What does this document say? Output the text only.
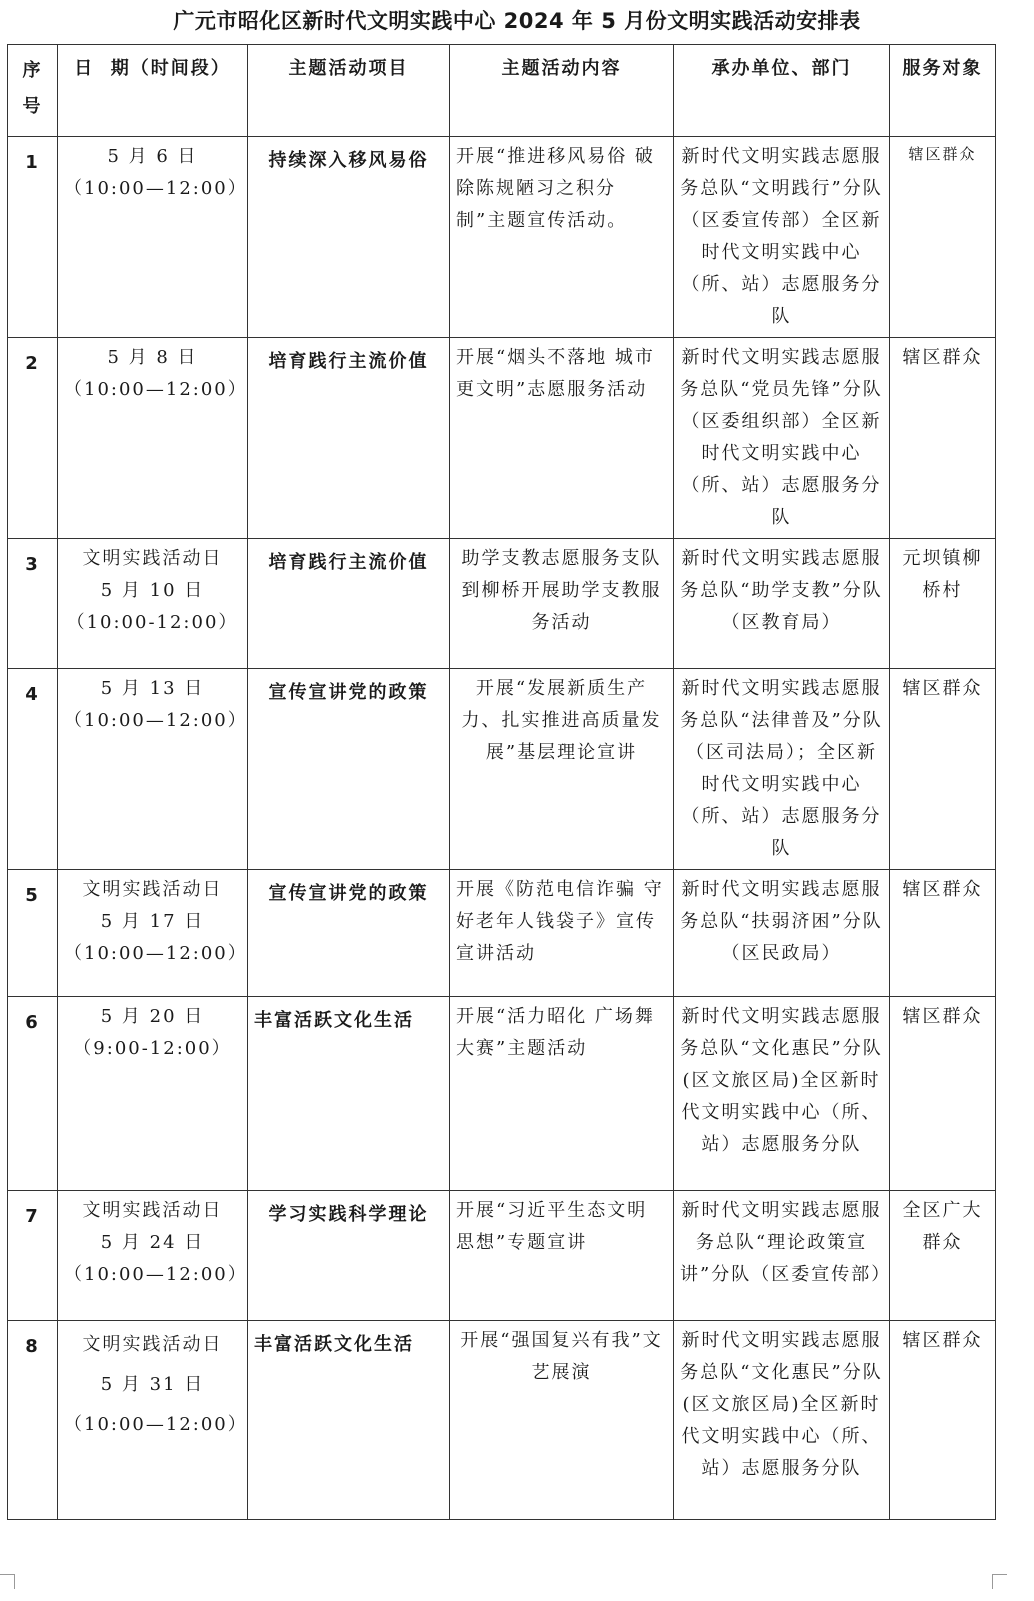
广元市昭化区新时代文明实践中心 2024 年 5 月份文明实践活动安排表
序号	日  期（时间段）	主题活动项目	主题活动内容	承办单位、部门	服务对象
1	5 月 6 日
（10:00—12:00）	持续深入移风易俗	开展“推进移风易俗 破除陈规陋习之积分制”主题宣传活动。	新时代文明实践志愿服务总队“文明践行”分队（区委宣传部）全区新时代文明实践中心（所、站）志愿服务分队	辖区群众
2	5 月 8 日
（10:00—12:00）	培育践行主流价值	开展“烟头不落地 城市更文明”志愿服务活动	新时代文明实践志愿服务总队“党员先锋”分队（区委组织部）全区新时代文明实践中心（所、站）志愿服务分队	辖区群众
3	文明实践活动日
5 月 10 日
（10:00-12:00）	培育践行主流价值	助学支教志愿服务支队到柳桥开展助学支教服务活动	新时代文明实践志愿服务总队“助学支教”分队（区教育局）	元坝镇柳桥村
4	5 月 13 日
（10:00—12:00）	宣传宣讲党的政策	开展“发展新质生产力、扎实推进高质量发展”基层理论宣讲	新时代文明实践志愿服务总队“法律普及”分队（区司法局）；全区新时代文明实践中心（所、站）志愿服务分队	辖区群众
5	文明实践活动日
5 月 17 日
（10:00—12:00）	宣传宣讲党的政策	开展《防范电信诈骗 守好老年人钱袋子》宣传宣讲活动	新时代文明实践志愿服务总队“扶弱济困”分队（区民政局）	辖区群众
6	5 月 20 日
（9:00-12:00）	丰富活跃文化生活	开展“活力昭化 广场舞大赛”主题活动	新时代文明实践志愿服务总队“文化惠民”分队(区文旅区局)全区新时代文明实践中心（所、站）志愿服务分队	辖区群众
7	文明实践活动日
5 月 24 日
（10:00—12:00）	学习实践科学理论	开展“习近平生态文明思想”专题宣讲	新时代文明实践志愿服务总队“理论政策宣讲”分队（区委宣传部）	全区广大群众
8	文明实践活动日
5 月 31 日
（10:00—12:00）	丰富活跃文化生活	开展“强国复兴有我”文艺展演	新时代文明实践志愿服务总队“文化惠民”分队(区文旅区局)全区新时代文明实践中心（所、站）志愿服务分队	辖区群众
